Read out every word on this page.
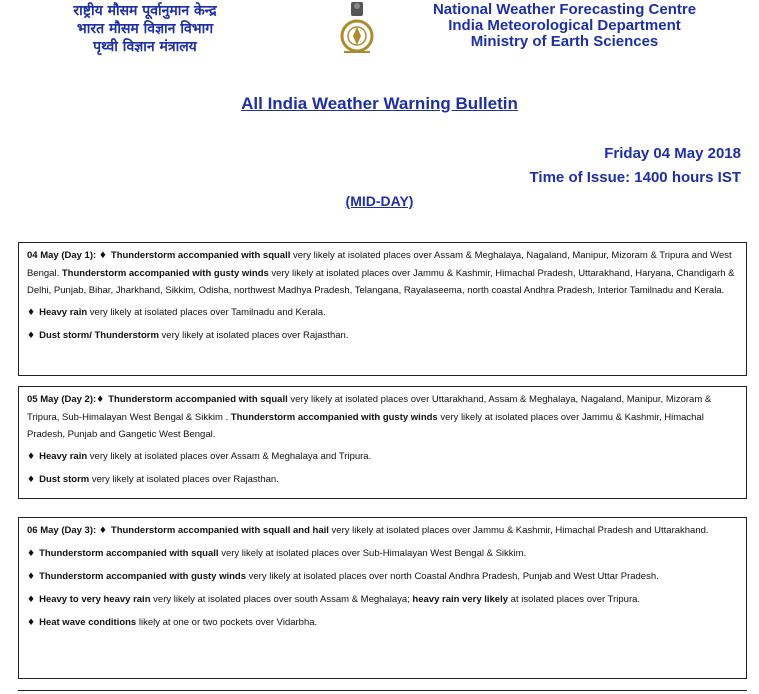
राष्ट्रीय मौसम पूर्वानुमान केन्द्र
भारत मौसम विज्ञान विभाग
पृथ्वी विज्ञान मंत्रालय
National Weather Forecasting Centre
India Meteorological Department
Ministry of Earth Sciences
All India Weather Warning Bulletin
Friday 04 May 2018
Time of Issue: 1400 hours IST
(MID-DAY)

04 May (Day 1): ♦ Thunderstorm accompanied with squall very likely at isolated places over Assam & Meghalaya, Nagaland, Manipur, Mizoram & Tripura and West Bengal. Thunderstorm accompanied with gusty winds very likely at isolated places over Jammu & Kashmir, Himachal Pradesh, Uttarakhand, Haryana, Chandigarh & Delhi, Punjab, Bihar, Jharkhand, Sikkim, Odisha, northwest Madhya Pradesh, Telangana, Rayalaseema, north coastal Andhra Pradesh, Interior Tamilnadu and Kerala.

♦ Heavy rain very likely at isolated places over Tamilnadu and Kerala.

♦ Dust storm/ Thunderstorm very likely at isolated places over Rajasthan.

05 May (Day 2):♦ Thunderstorm accompanied with squall very likely at isolated places over Uttarakhand, Assam & Meghalaya, Nagaland, Manipur, Mizoram & Tripura, Sub-Himalayan West Bengal & Sikkim . Thunderstorm accompanied with gusty winds very likely at isolated places over Jammu & Kashmir, Himachal Pradesh, Punjab and Gangetic West Bengal.

♦ Heavy rain very likely at isolated places over Assam & Meghalaya and Tripura.

♦ Dust storm very likely at isolated places over Rajasthan.

06 May (Day 3): ♦ Thunderstorm accompanied with squall and hail very likely at isolated places over Jammu & Kashmir, Himachal Pradesh and Uttarakhand.

♦ Thunderstorm accompanied with squall very likely at isolated places over Sub-Himalayan West Bengal & Sikkim.

♦ Thunderstorm accompanied with gusty winds very likely at isolated places over north Coastal Andhra Pradesh, Punjab and West Uttar Pradesh.

♦ Heavy to very heavy rain very likely at isolated places over south Assam & Meghalaya; heavy rain very likely at isolated places over Tripura.

♦ Heat wave conditions likely at one or two pockets over Vidarbha.
